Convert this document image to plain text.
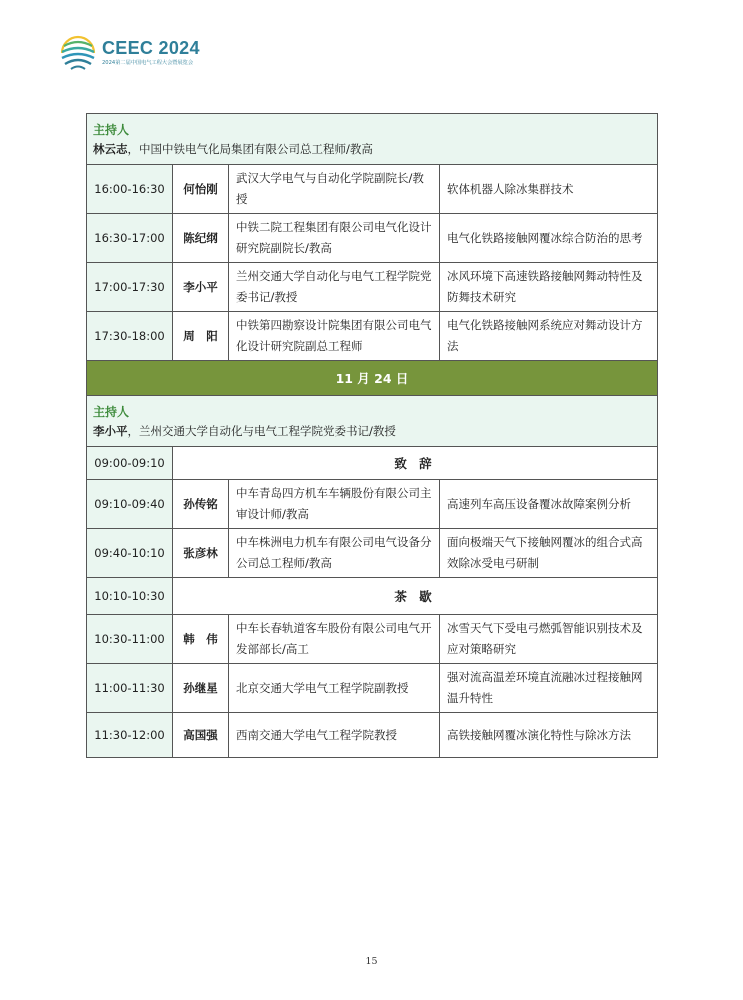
CEEC 2024
2024第二届中国电气工程大会暨展览会
主持人
林云志，中国中铁电气化局集团有限公司总工程师/教高			

16:00-16:30	何怡刚	武汉大学电气与自动化学院副院长/教授	软体机器人除冰集群技术
16:30-17:00	陈纪纲	中铁二院工程集团有限公司电气化设计研究院副院长/教高	电气化铁路接触网覆冰综合防治的思考
17:00-17:30	李小平	兰州交通大学自动化与电气工程学院党委书记/教授	冰风环境下高速铁路接触网舞动特性及防舞技术研究
17:30-18:00	周　阳	中铁第四勘察设计院集团有限公司电气化设计研究院副总工程师	电气化铁路接触网系统应对舞动设计方法
11 月 24 日			

主持人
李小平，兰州交通大学自动化与电气工程学院党委书记/教授			

09:00-09:10	致 辞		
09:10-09:40	孙传铭	中车青岛四方机车车辆股份有限公司主审设计师/教高	高速列车高压设备覆冰故障案例分析
09:40-10:10	张彦林	中车株洲电力机车有限公司电气设备分公司总工程师/教高	面向极端天气下接触网覆冰的组合式高效除冰受电弓研制
10:10-10:30	茶 歇		
10:30-11:00	韩　伟	中车长春轨道客车股份有限公司电气开发部部长/高工	冰雪天气下受电弓燃弧智能识别技术及应对策略研究
11:00-11:30	孙继星	北京交通大学电气工程学院副教授	强对流高温差环境直流融冰过程接触网温升特性
11:30-12:00	高国强	西南交通大学电气工程学院教授	高铁接触网覆冰演化特性与除冰方法
15
